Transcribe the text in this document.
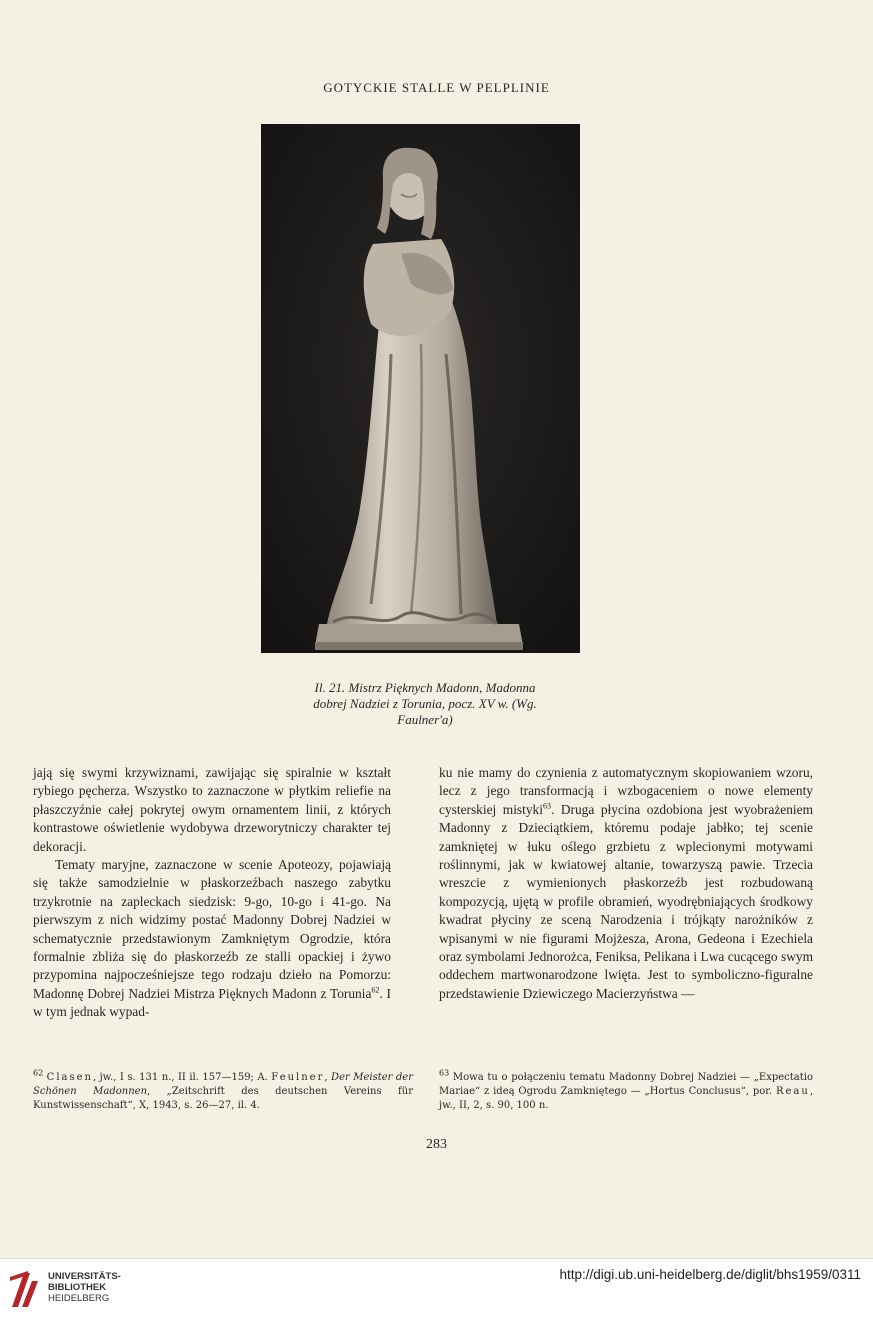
GOTYCKIE STALLE W PELPLINIE
Il. 21. Mistrz Pięknych Madonn, Madonna
dobrej Nadziei z Torunia, pocz. XV w. (Wg.
Faulner'a)

jają się swymi krzywiznami, zawijając się spiralnie w kształt rybiego pęcherza. Wszystko to zaznaczone w płytkim reliefie na płaszczyźnie całej pokrytej owym ornamentem linii, z których kontrastowe oświetlenie wydobywa drzeworytniczy charakter tej dekoracji.

Tematy maryjne, zaznaczone w scenie Apoteozy, pojawiają się także samodzielnie w płaskorzeźbach naszego zabytku trzykrotnie na zapleckach siedzisk: 9-go, 10-go i 41-go. Na pierwszym z nich widzimy postać Madonny Dobrej Nadziei w schematycznie przedstawionym Zamkniętym Ogrodzie, która formalnie zbliża się do płaskorzeźb ze stalli opackiej i żywo przypomina najpocześniejsze tego rodzaju dzieło na Pomorzu: Madonnę Dobrej Nadziei Mistrza Pięknych Madonn z Torunia$^{62}$. I w tym jednak wypad-

ku nie mamy do czynienia z automatycznym skopiowaniem wzoru, lecz z jego transformacją i wzbogaceniem o nowe elementy cysterskiej mistyki$^{63}$. Druga płycina ozdobiona jest wyobrażeniem Madonny z Dzieciątkiem, któremu podaje jabłko; tej scenie zamkniętej w łuku oślego grzbietu z wplecionymi motywami roślinnymi, jak w kwiatowej altanie, towarzyszą pawie. Trzecia wreszcie z wymienionych płaskorzeźb jest rozbudowaną kompozycją, ujętą w profile obramień, wyodrębniających środkowy kwadrat płyciny ze sceną Narodzenia i trójkąty narożników z wpisanymi w nie figurami Mojżesza, Arona, Gedeona i Ezechiela oraz symbolami Jednorożca, Feniksa, Pelikana i Lwa cucącego swym oddechem martwonarodzone lwięta. Jest to symboliczno-figuralne przedstawienie Dziewiczego Macierzyństwa —

$^{62}$ Clasen, jw., I s. 131 n., II il. 157—159; A. Feulner, Der Meister der Schönen Madonnen, „Zeitschrift des deutschen Vereins für Kunstwissenschaft“, X, 1943, s. 26—27, il. 4.
$^{63}$ Mowa tu o połączeniu tematu Madonny Dobrej Nadziei — „Expectatio Mariae“ z ideą Ogrodu Zamkniętego — „Hortus Conclusus“, por. Reau, jw., II, 2, s. 90, 100 n.
283
UNIVERSITÄTS-
BIBLIOTHEK
HEIDELBERG
http://digi.ub.uni-heidelberg.de/diglit/bhs1959/0311
